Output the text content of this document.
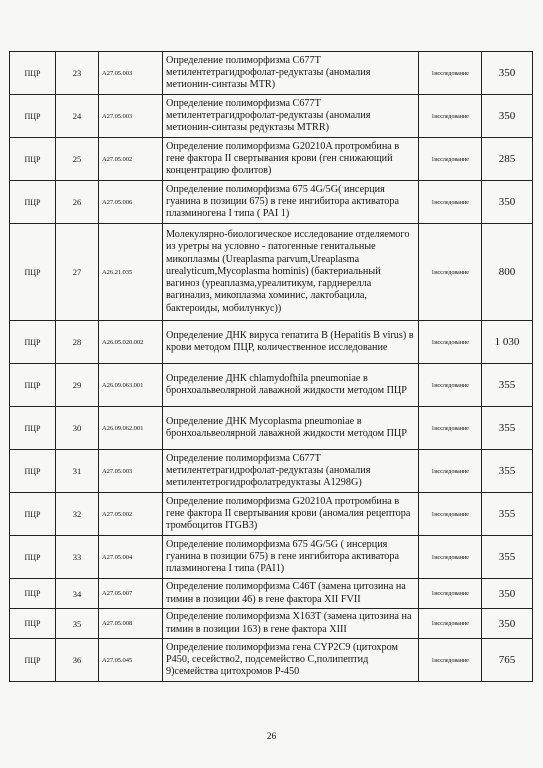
ПЦР	23	A27.05.003	Определение полиморфизма C677T метилентетрагидрофолат-редуктазы (аномалия метионин-синтазы MTR)	1исследование	350
ПЦР	24	A27.05.003	Определение полиморфизма C677T метилентетрагидрофолат-редуктазы (аномалия метионин-синтазы редуктазы MTRR)	1исследование	350
ПЦР	25	A27.05.002	Определение полиморфизма G20210A протромбина в гене фактора II свертывания крови (ген снижающий концентрацию фолитов)	1исследование	285
ПЦР	26	A27.05.006	Определение полиморфизма 675 4G/5G( инсерция гуанина в позиции 675) в гене ингибитора активатора плазминогена I типа ( PAI 1)	1исследование	350
ПЦР	27	A26.21.035	Молекулярно-биологическое исследование отделяемого из уретры на условно - патогенные генитальные микоплазмы (Ureaplasma parvum,Ureaplasma urealyticum,Mycoplasma hominis) (бактериальный вагиноз (уреаплазма,уреалитикум, гарднерелла вагинализ, микоплазма хоминис, лактобацила, бактероиды, мобилункус))	1исследование	800
ПЦР	28	A26.05.020.002	Определение ДНК вируса гепатита В (Hepatitis B virus) в крови методом ПЦР, количественное исследование	1исследование	1 030
ПЦР	29	A26.09.063.001	Определение ДНК chlamydofhila pneumoniae в бронхоальвеолярной лаважной жидкости методом ПЦР	1исследование	355
ПЦР	30	A26.09.062.001	Определение ДНК Mycoplasma pneumoniae в бронхоальвеолярной лаважной жидкости методом ПЦР	1исследование	355
ПЦР	31	A27.05.003	Определение полиморфизма C677T метилентетрагидрофолат-редуктазы (аномалия метилентетрогидрофолатредуктазы A1298G)	1исследование	355
ПЦР	32	A27.05.002	Определение полиморфизма G20210A протромбина в гене фактора II свертывания крови (аномалия рецептора тромбоцитов ITGB3)	1исследование	355
ПЦР	33	A27.05.004	Определение полиморфизма 675 4G/5G ( инсерция гуанина в позиции 675) в гене ингибитора активатора плазминогена I типа (PAI1)	1исследование	355
ПЦР	34	A27.05.007	Определение полиморфизма C46T (замена цитозина на тимин в позиции 46) в гене фактора XII FVII	1исследование	350
ПЦР	35	A27.05.008	Определение полиморфизма X163T (замена цитозина на тимин в позиции 163) в гене фактора XIII	1исследование	350
ПЦР	36	A27.05.045	Определение полиморфизма гена CYP2C9 (цитохром P450, сесейство2, подсемейство C,полипептид 9)семейства цитохромов Р-450	1исследование	765
26
